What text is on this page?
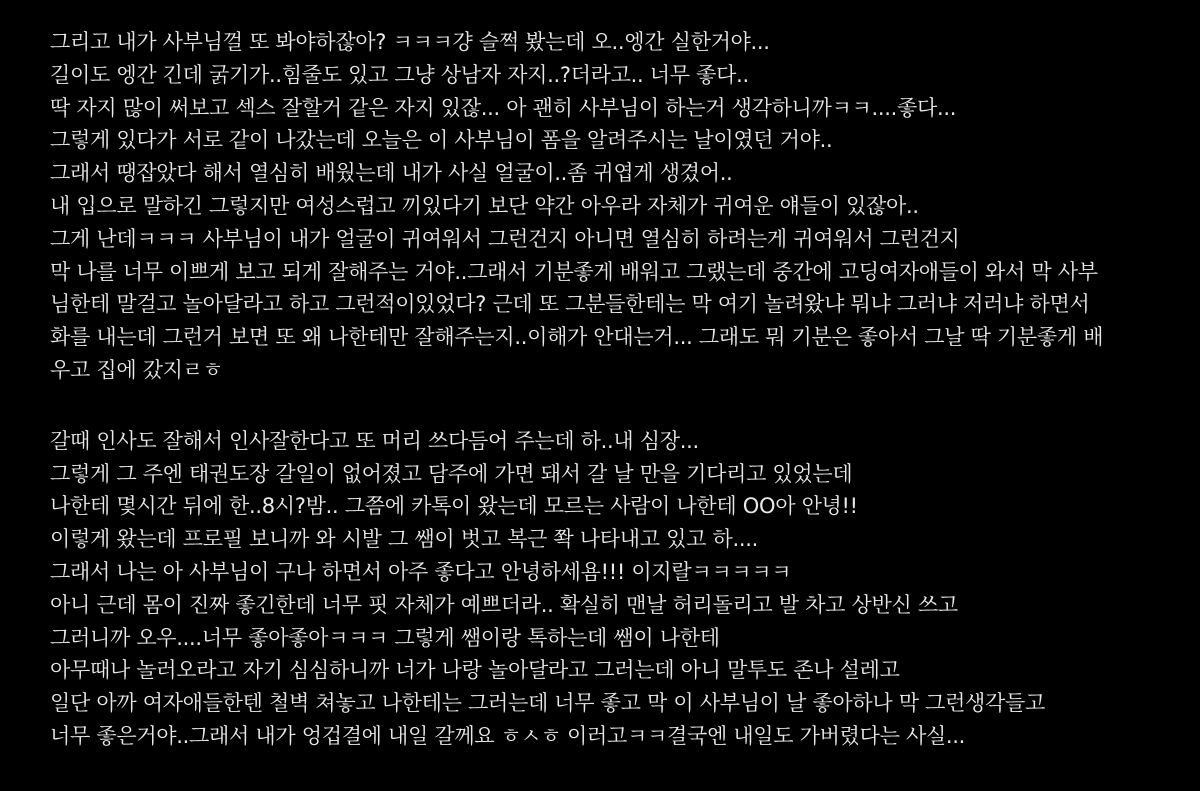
그리고 내가 사부님껄 또 봐야하잖아? ㅋㅋㅋ걍 슬쩍 봤는데 오..엥간 실한거야...
길이도 엥간 긴데 굵기가..힘줄도 있고 그냥 상남자 자지..?더라고.. 너무 좋다..
딱 자지 많이 써보고 섹스 잘할거 같은 자지 있잖... 아 괜히 사부님이 하는거 생각하니까ㅋㅋ....좋다...
그렇게 있다가 서로 같이 나갔는데 오늘은 이 사부님이 폼을 알려주시는 날이였던 거야..
그래서 땡잡았다 해서 열심히 배웠는데 내가 사실 얼굴이..좀 귀엽게 생겼어..
내 입으로 말하긴 그렇지만 여성스럽고 끼있다기 보단 약간 아우라 자체가 귀여운 얘들이 있잖아..
그게 난데ㅋㅋㅋ 사부님이 내가 얼굴이 귀여워서 그런건지 아니면 열심히 하려는게 귀여워서 그런건지
막 나를 너무 이쁘게 보고 되게 잘해주는 거야..그래서 기분좋게 배워고 그랬는데 중간에 고딩여자애들이 와서 막 사부
님한테 말걸고 놀아달라고 하고 그런적이있었다? 근데 또 그분들한테는 막 여기 놀려왔냐 뭐냐 그러냐 저러냐 하면서
화를 내는데 그런거 보면 또 왜 나한테만 잘해주는지..이해가 안대는거... 그래도 뭐 기분은 좋아서 그날 딱 기분좋게 배
우고 집에 갔지ㄹㅎ
갈때 인사도 잘해서 인사잘한다고 또 머리 쓰다듬어 주는데 하..내 심장...
그렇게 그 주엔 태권도장 갈일이 없어졌고 담주에 가면 돼서 갈 날 만을 기다리고 있었는데
나한테 몇시간 뒤에 한..8시?밤.. 그쯤에 카톡이 왔는데 모르는 사람이 나한테 OO아 안녕!!
이렇게 왔는데 프로필 보니까 와 시발 그 쌤이 벗고 복근 쫙 나타내고 있고 하....
그래서 나는 아 사부님이 구나 하면서 아주 좋다고 안녕하세욤!!! 이지랄ㅋㅋㅋㅋㅋ
아니 근데 몸이 진짜 좋긴한데 너무 핏 자체가 예쁘더라.. 확실히 맨날 허리돌리고 발 차고 상반신 쓰고
그러니까 오우....너무 좋아좋아ㅋㅋㅋ 그렇게 쌤이랑 톡하는데 쌤이 나한테
아무때나 놀러오라고 자기 심심하니까 너가 나랑 놀아달라고 그러는데 아니 말투도 존나 설레고
일단 아까 여자애들한텐 철벽 쳐놓고 나한테는 그러는데 너무 좋고 막 이 사부님이 날 좋아하나 막 그런생각들고
너무 좋은거야..그래서 내가 엉겁결에 내일 갈께요 ㅎㅅㅎ 이러고ㅋㅋ결국엔 내일도 가버렸다는 사실...
